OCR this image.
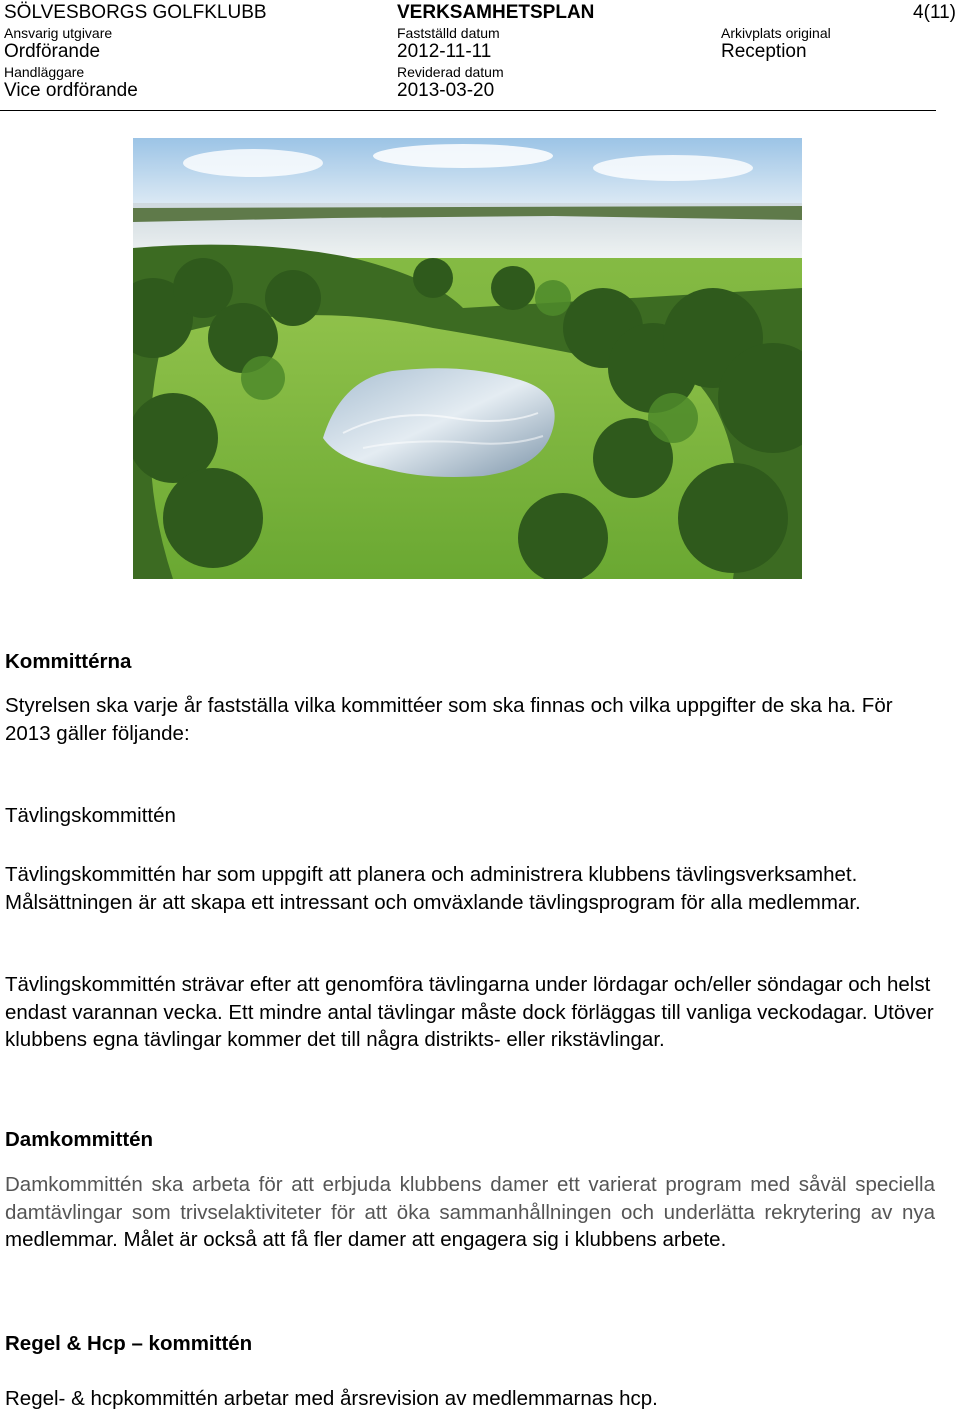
SÖLVESBORGS GOLFKLUBB	VERKSAMHETSPLAN	4(11)
Ansvarig utgivare	Fastställd datum	Arkivplats original
Ordförande	2012-11-11	Reception
Handläggare	Reviderad datum
Vice ordförande	2013-03-20
Kommittérna

Styrelsen ska varje år fastställa vilka kommittéer som ska finnas och vilka uppgifter de ska ha. För 2013 gäller följande:

Tävlingskommittén

Tävlingskommittén har som uppgift att planera och administrera klubbens tävlingsverksamhet. Målsättningen är att skapa ett intressant och omväxlande tävlingsprogram för alla medlemmar.

Tävlingskommittén strävar efter att genomföra tävlingarna under lördagar och/eller söndagar och helst endast varannan vecka. Ett mindre antal tävlingar måste dock förläggas till vanliga veckodagar. Utöver klubbens egna tävlingar kommer det till några distrikts- eller rikstävlingar.

Damkommittén

Damkommittén ska arbeta för att erbjuda klubbens damer ett varierat program med såväl speciella damtävlingar som trivselaktiviteter för att öka sammanhållningen och underlätta rekrytering av nya medlemmar. Målet är också att få fler damer att engagera sig i klubbens arbete.

Regel & Hcp – kommittén

Regel- & hcpkommittén arbetar med årsrevision av medlemmarnas hcp.
